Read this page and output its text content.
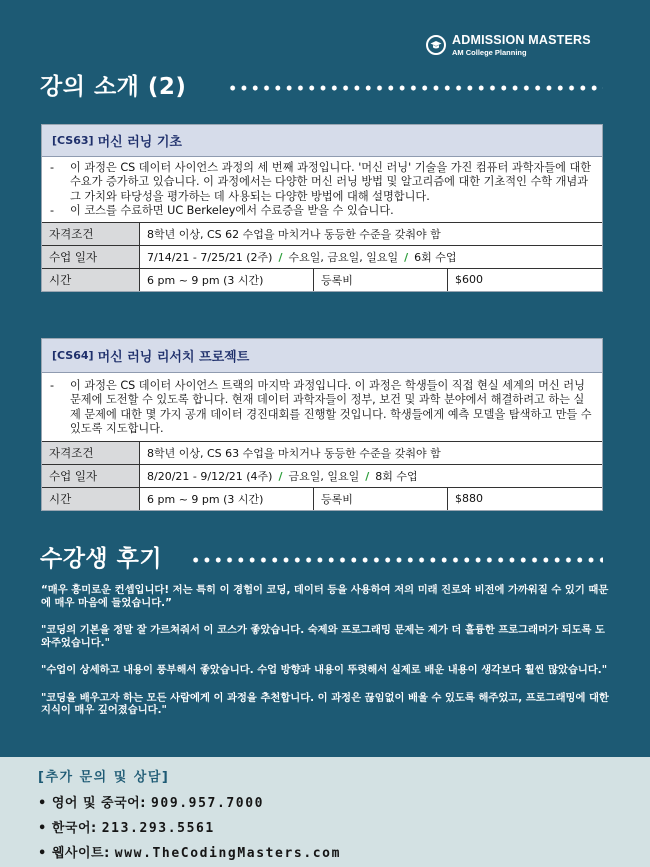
ADMISSION MASTERS
AM College Planning
강의 소개 (2)
[CS63] 머신 러닝 기초
-	이 과정은 CS 데이터 사이언스 과정의 세 번째 과정입니다. '머신 러닝' 기술을 가진 컴퓨터 과학자들에 대한 수요가 증가하고 있습니다. 이 과정에서는 다양한 머신 러닝 방법 및 알고리즘에 대한 기초적인 수학 개념과 그 가치와 타당성을 평가하는 데 사용되는 다양한 방법에 대해 설명합니다.
-	이 코스를 수료하면 UC Berkeley에서 수료증을 받을 수 있습니다.
자격조건	8학년 이상, CS 62 수업을 마치거나 동등한 수준을 갖춰야 함		
수업 일자	7/14/21 - 7/25/21 (2주) / 수요일, 금요일, 일요일 / 6회 수업		
시간	6 pm ~ 9 pm (3 시간)	등록비	$600
[CS64] 머신 러닝 리서치 프로젝트
-	이 과정은 CS 데이터 사이언스 트랙의 마지막 과정입니다. 이 과정은 학생들이 직접 현실 세계의 머신 러닝 문제에 도전할 수 있도록 합니다. 현재 데이터 과학자들이 정부, 보건 및 과학 분야에서 해결하려고 하는 실제 문제에 대한 몇 가지 공개 데이터 경진대회를 진행할 것입니다. 학생들에게 예측 모델을 탐색하고 만들 수 있도록 지도합니다.
자격조건	8학년 이상, CS 63 수업을 마치거나 동등한 수준을 갖춰야 함		
수업 일자	8/20/21 - 9/12/21 (4주) / 금요일, 일요일 / 8회 수업		
시간	6 pm ~ 9 pm (3 시간)	등록비	$880
수강생 후기
“매우 흥미로운 컨셉입니다! 저는 특히 이 경험이 코딩, 데이터 등을 사용하여 저의 미래 진로와 비전에 가까워질 수 있기 때문에 매우 마음에 들었습니다.”
"코딩의 기본을 정말 잘 가르쳐줘서 이 코스가 좋았습니다. 숙제와 프로그래밍 문제는 제가 더 훌륭한 프로그래머가 되도록 도와주었습니다."
"수업이 상세하고 내용이 풍부해서 좋았습니다. 수업 방향과 내용이 뚜렷해서 실제로 배운 내용이 생각보다 훨씬 많았습니다."
"코딩을 배우고자 하는 모든 사람에게 이 과정을 추천합니다. 이 과정은 끊임없이 배울 수 있도록 해주었고, 프로그래밍에 대한 지식이 매우 깊어졌습니다."
[추가 문의 및 상담]
• 영어 및 중국어: 909.957.7000
• 한국어: 213.293.5561
• 웹사이트: www.TheCodingMasters.com
